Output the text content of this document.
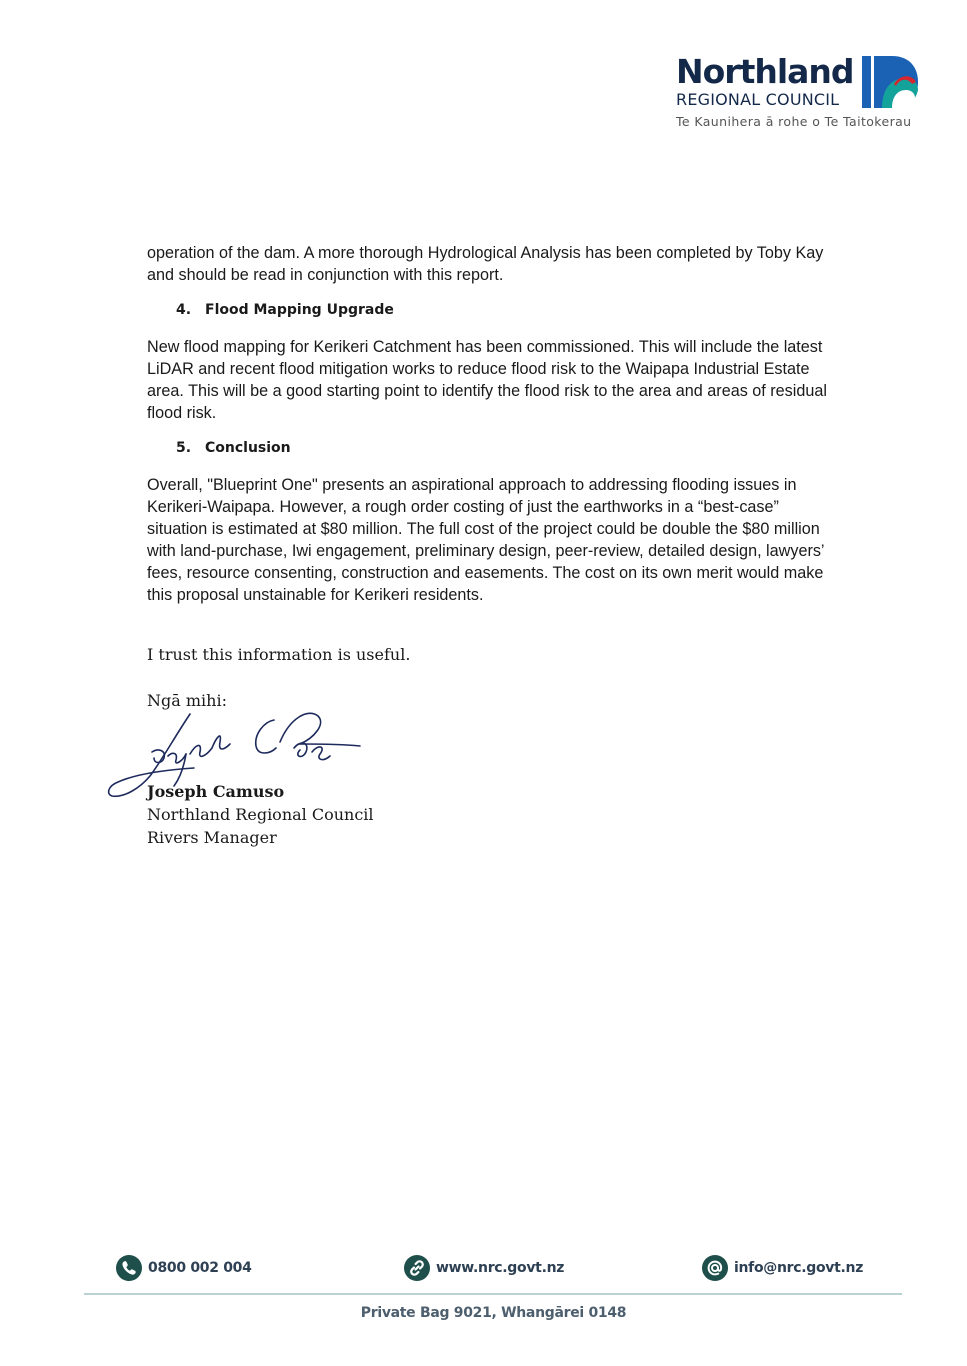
Northland
REGIONAL COUNCIL
Te Kaunihera ā rohe o Te Taitokerau

operation of the dam. A more thorough Hydrological Analysis has been completed by Toby Kay and should be read in conjunction with this report.

4. Flood Mapping Upgrade

New flood mapping for Kerikeri Catchment has been commissioned. This will include the latest LiDAR and recent flood mitigation works to reduce flood risk to the Waipapa Industrial Estate area. This will be a good starting point to identify the flood risk to the area and areas of residual flood risk.

5. Conclusion

Overall, "Blueprint One" presents an aspirational approach to addressing flooding issues in Kerikeri-Waipapa. However, a rough order costing of just the earthworks in a “best-case” situation is estimated at $80 million. The full cost of the project could be double the $80 million with land-purchase, Iwi engagement, preliminary design, peer-review, detailed design, lawyers’ fees, resource consenting, construction and easements. The cost on its own merit would make this proposal unstainable for Kerikeri residents.

I trust this information is useful.

Ngā mihi:

Joseph Camuso

Northland Regional Council

Rivers Manager

0800 002 004	www.nrc.govt.nz	info@nrc.govt.nz
Private Bag 9021, Whangārei 0148
